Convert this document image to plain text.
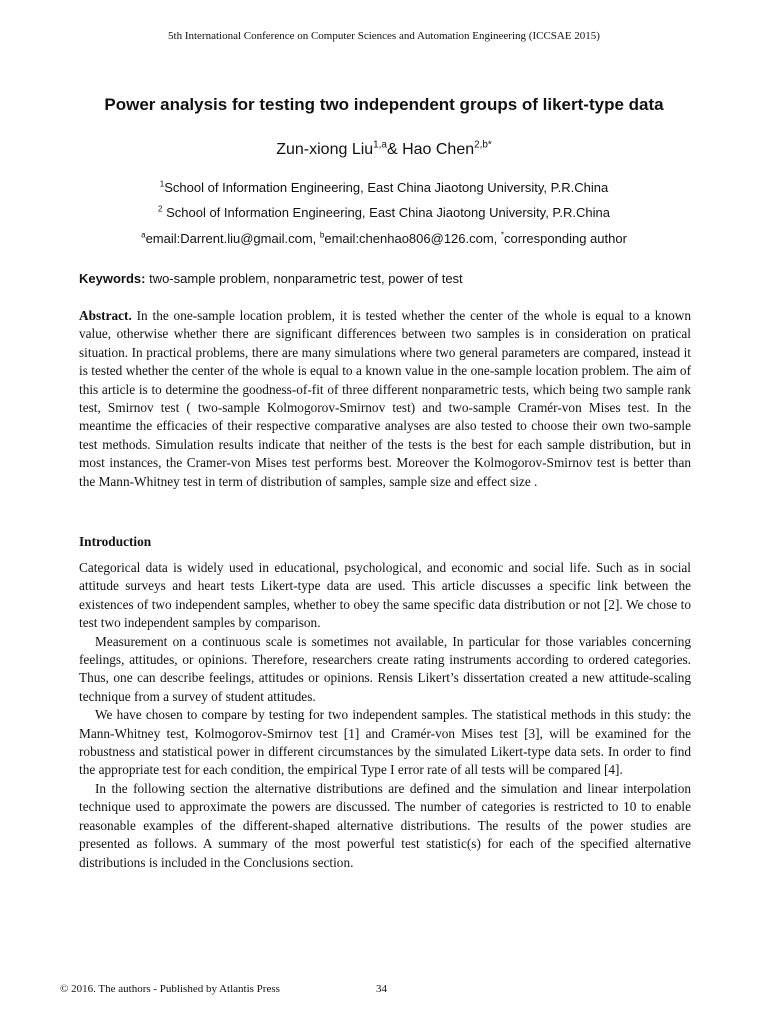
5th International Conference on Computer Sciences and Automation Engineering (ICCSAE 2015)
Power analysis for testing two independent groups of likert-type data
Zun-xiong Liu$^{1,a}$& Hao Chen$^{2,b*}$
$^1$School of Information Engineering, East China Jiaotong University, P.R.China
$^2$ School of Information Engineering, East China Jiaotong University, P.R.China
$^a$email:Darrent.liu@gmail.com, $^b$email:chenhao806@126.com, *corresponding author
Keywords: two-sample problem, nonparametric test, power of test

Abstract. In the one-sample location problem, it is tested whether the center of the whole is equal to a known value, otherwise whether there are significant differences between two samples is in consideration on pratical situation. In practical problems, there are many simulations where two general parameters are compared, instead it is tested whether the center of the whole is equal to a known value in the one-sample location problem. The aim of this article is to determine the goodness-of-fit of three different nonparametric tests, which being two sample rank test, Smirnov test ( two-sample Kolmogorov-Smirnov test) and two-sample Cramér-von Mises test. In the meantime the efficacies of their respective comparative analyses are also tested to choose their own two-sample test methods. Simulation results indicate that neither of the tests is the best for each sample distribution, but in most instances, the Cramer-von Mises test performs best. Moreover the Kolmogorov-Smirnov test is better than the Mann-Whitney test in term of distribution of samples, sample size and effect size .

Introduction

Categorical data is widely used in educational, psychological, and economic and social life. Such as in social attitude surveys and heart tests Likert-type data are used. This article discusses a specific link between the existences of two independent samples, whether to obey the same specific data distribution or not [2]. We chose to test two independent samples by comparison.

Measurement on a continuous scale is sometimes not available, In particular for those variables concerning feelings, attitudes, or opinions. Therefore, researchers create rating instruments according to ordered categories. Thus, one can describe feelings, attitudes or opinions. Rensis Likert’s dissertation created a new attitude-scaling technique from a survey of student attitudes.

We have chosen to compare by testing for two independent samples. The statistical methods in this study: the Mann-Whitney test, Kolmogorov-Smirnov test [1] and Cramér-von Mises test [3], will be examined for the robustness and statistical power in different circumstances by the simulated Likert-type data sets. In order to find the appropriate test for each condition, the empirical Type I error rate of all tests will be compared [4].

In the following section the alternative distributions are defined and the simulation and linear interpolation technique used to approximate the powers are discussed. The number of categories is restricted to 10 to enable reasonable examples of the different-shaped alternative distributions. The results of the power studies are presented as follows. A summary of the most powerful test statistic(s) for each of the specified alternative distributions is included in the Conclusions section.

© 2016. The authors - Published by Atlantis Press	34
